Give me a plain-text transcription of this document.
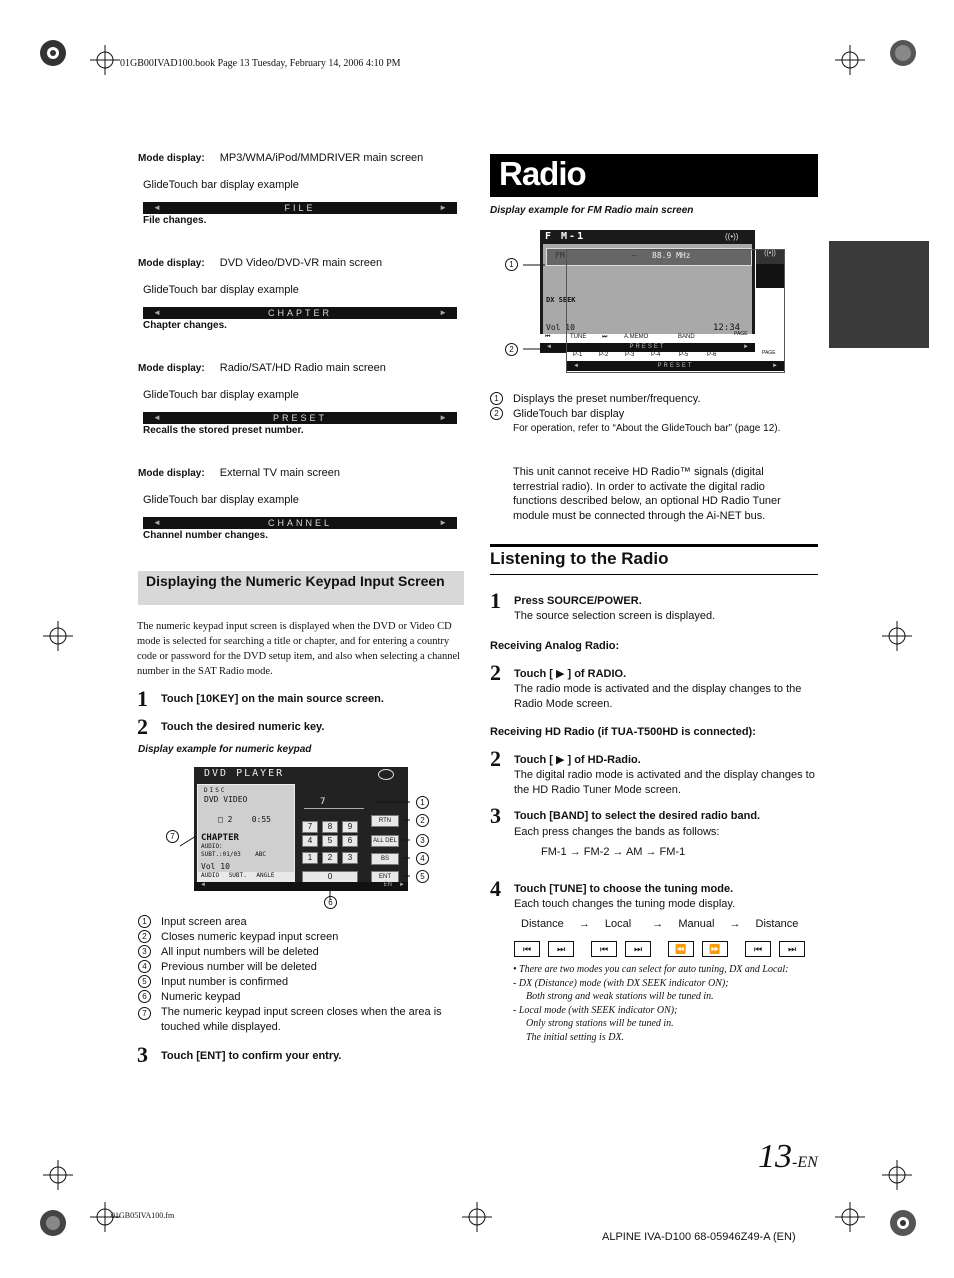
01GB00IVAD100.book Page 13 Tuesday, February 14, 2006 4:10 PM
Mode display: MP3/WMA/iPod/MMDRIVER main screen
GlideTouch bar display example
◄	FILE	►
File changes.
Mode display: DVD Video/DVD-VR main screen
GlideTouch bar display example
◄	CHAPTER	►
Chapter changes.
Mode display: Radio/SAT/HD Radio main screen
GlideTouch bar display example
◄	PRESET	►
Recalls the stored preset number.
Mode display: External TV main screen
GlideTouch bar display example
◄	CHANNEL	►
Channel number changes.
Displaying the Numeric Keypad Input Screen
The numeric keypad input screen is displayed when the DVD or Video CD mode is selected for searching a title or chapter, and for entering a country code or password for the DVD setup item, and also when selecting a channel number in the SAT Radio mode.
1 Touch [10KEY] on the main source screen.
2 Touch the desired numeric key.
Display example for numeric keypad
DVD PLAYER
DISC
DVD VIDEO
□ 2    0:55
CHAPTER
AUDIO:
SUBT.:01/03    ABC
Vol 10
AUDIO SUBT. ANGLE
7
7	8	9
4	5	6
1	2	3
0
RTN
ALL DEL
BS
ENT
◄	EN ►
7
1
2
3
4
5
6
1 Input screen area
2 Closes numeric keypad input screen
3 All input numbers will be deleted
4 Previous number will be deleted
5 Input number is confirmed
6 Numeric keypad
7	The numeric keypad input screen closes when the area is touched while displayed.
3 Touch [ENT] to confirm your entry.
Radio
Display example for FM Radio main screen
F M-1	((•))
FM	~ 88.9 MHz
DX SEEK
Vol 10	12:34
⏮	TUNE	⏭	A.MEMO	BAND	PAGE
◄	PRESET	►
((•))
P-1	P-2	P-3	P-4	P-5	P-6	PAGE
◄	PRESET	►
1
2
1 Displays the preset number/frequency.
2 GlideTouch bar display
For operation, refer to “About the GlideTouch bar” (page 12).
This unit cannot receive HD Radio™ signals (digital terrestrial radio). In order to activate the digital radio functions described below, an optional HD Radio Tuner module must be connected through the Ai-NET bus.
Listening to the Radio
1 Press SOURCE/POWER.
The source selection screen is displayed.
Receiving Analog Radio:
2 Touch [ ▶ ] of RADIO.
The radio mode is activated and the display changes to the Radio Mode screen.
Receiving HD Radio (if TUA-T500HD is connected):
2 Touch [ ▶ ] of HD-Radio.
The digital radio mode is activated and the display changes to the HD Radio Tuner Mode screen.
3 Touch [BAND] to select the desired radio band.
Each press changes the bands as follows:
FM-1 → FM-2 → AM → FM-1
4 Touch [TUNE] to choose the tuning mode.
Each touch changes the tuning mode display.
Distance → Local → Manual → Distance
⏮	⏭	⏮	⏭	⏪	⏩	⏮	⏭
• There are two modes you can select for auto tuning, DX and Local:
- DX (Distance) mode (with DX SEEK indicator ON);
Both strong and weak stations will be tuned in.
- Local mode (with SEEK indicator ON);
Only strong stations will be tuned in.
The initial setting is DX.
13-EN
01GB05IVA100.fm
ALPINE IVA-D100 68-05946Z49-A (EN)
